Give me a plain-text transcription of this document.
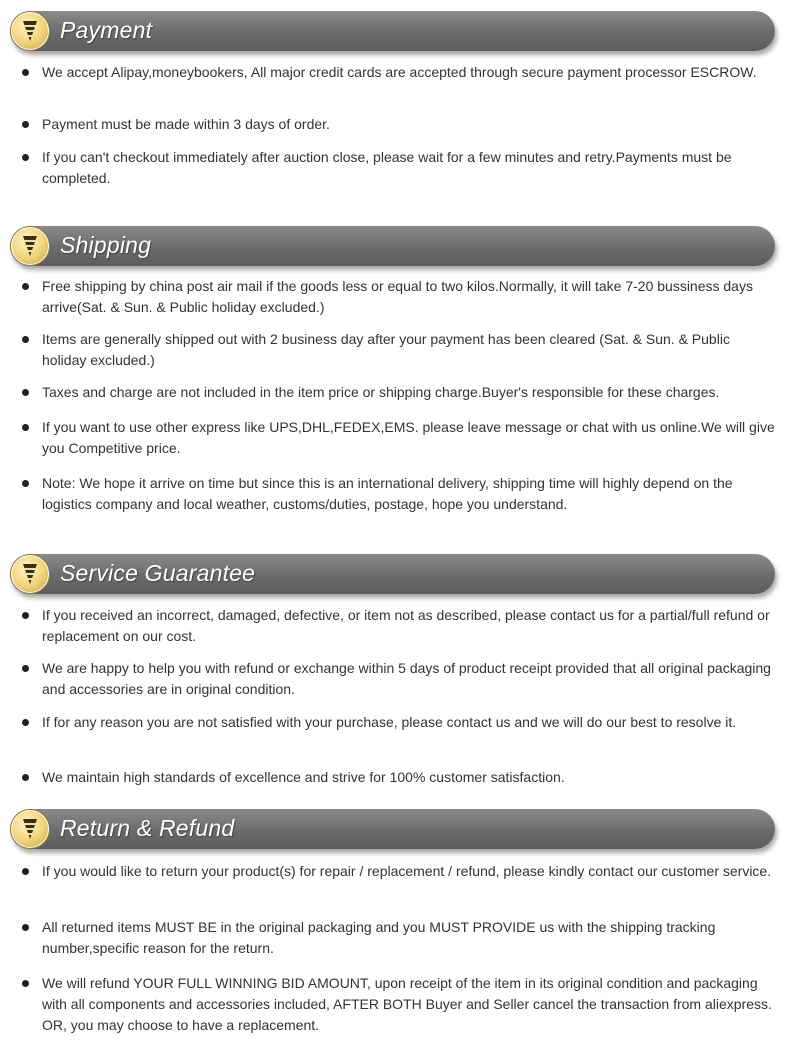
Payment
We accept Alipay,moneybookers, All major credit cards are accepted through secure payment processor ESCROW.
Payment must be made within 3 days of order.
If you can't checkout immediately after auction close, please wait for a few minutes and retry.Payments must be completed.
Shipping
Free shipping by china post air mail if the goods less or equal to two kilos.Normally, it will take 7-20 bussiness days arrive(Sat. & Sun. & Public holiday excluded.)
Items are generally shipped out with 2 business day after your payment has been cleared (Sat. & Sun. & Public holiday excluded.)
Taxes and charge are not included in the item price or shipping charge.Buyer's responsible for these charges.
If you want to use other express like UPS,DHL,FEDEX,EMS. please leave message or chat with us online.We will give you Competitive price.
Note: We hope it arrive on time but since this is an international delivery, shipping time will highly depend on the logistics company and local weather, customs/duties, postage, hope you understand.
Service Guarantee
If you received an incorrect, damaged, defective, or item not as described, please contact us for a partial/full refund or replacement on our cost.
We are happy to help you with refund or exchange within 5 days of product receipt provided that all original packaging and accessories are in original condition.
If for any reason you are not satisfied with your purchase, please contact us and we will do our best to resolve it.
We maintain high standards of excellence and strive for 100% customer satisfaction.
Return & Refund
If you would like to return your product(s) for repair / replacement / refund, please kindly contact our customer service.
All returned items MUST BE in the original packaging and you MUST PROVIDE us with the shipping tracking number,specific reason for the return.
We will refund YOUR FULL WINNING BID AMOUNT, upon receipt of the item in its original condition and packaging with all components and accessories included, AFTER BOTH Buyer and Seller cancel the transaction from aliexpress. OR, you may choose to have a replacement.
